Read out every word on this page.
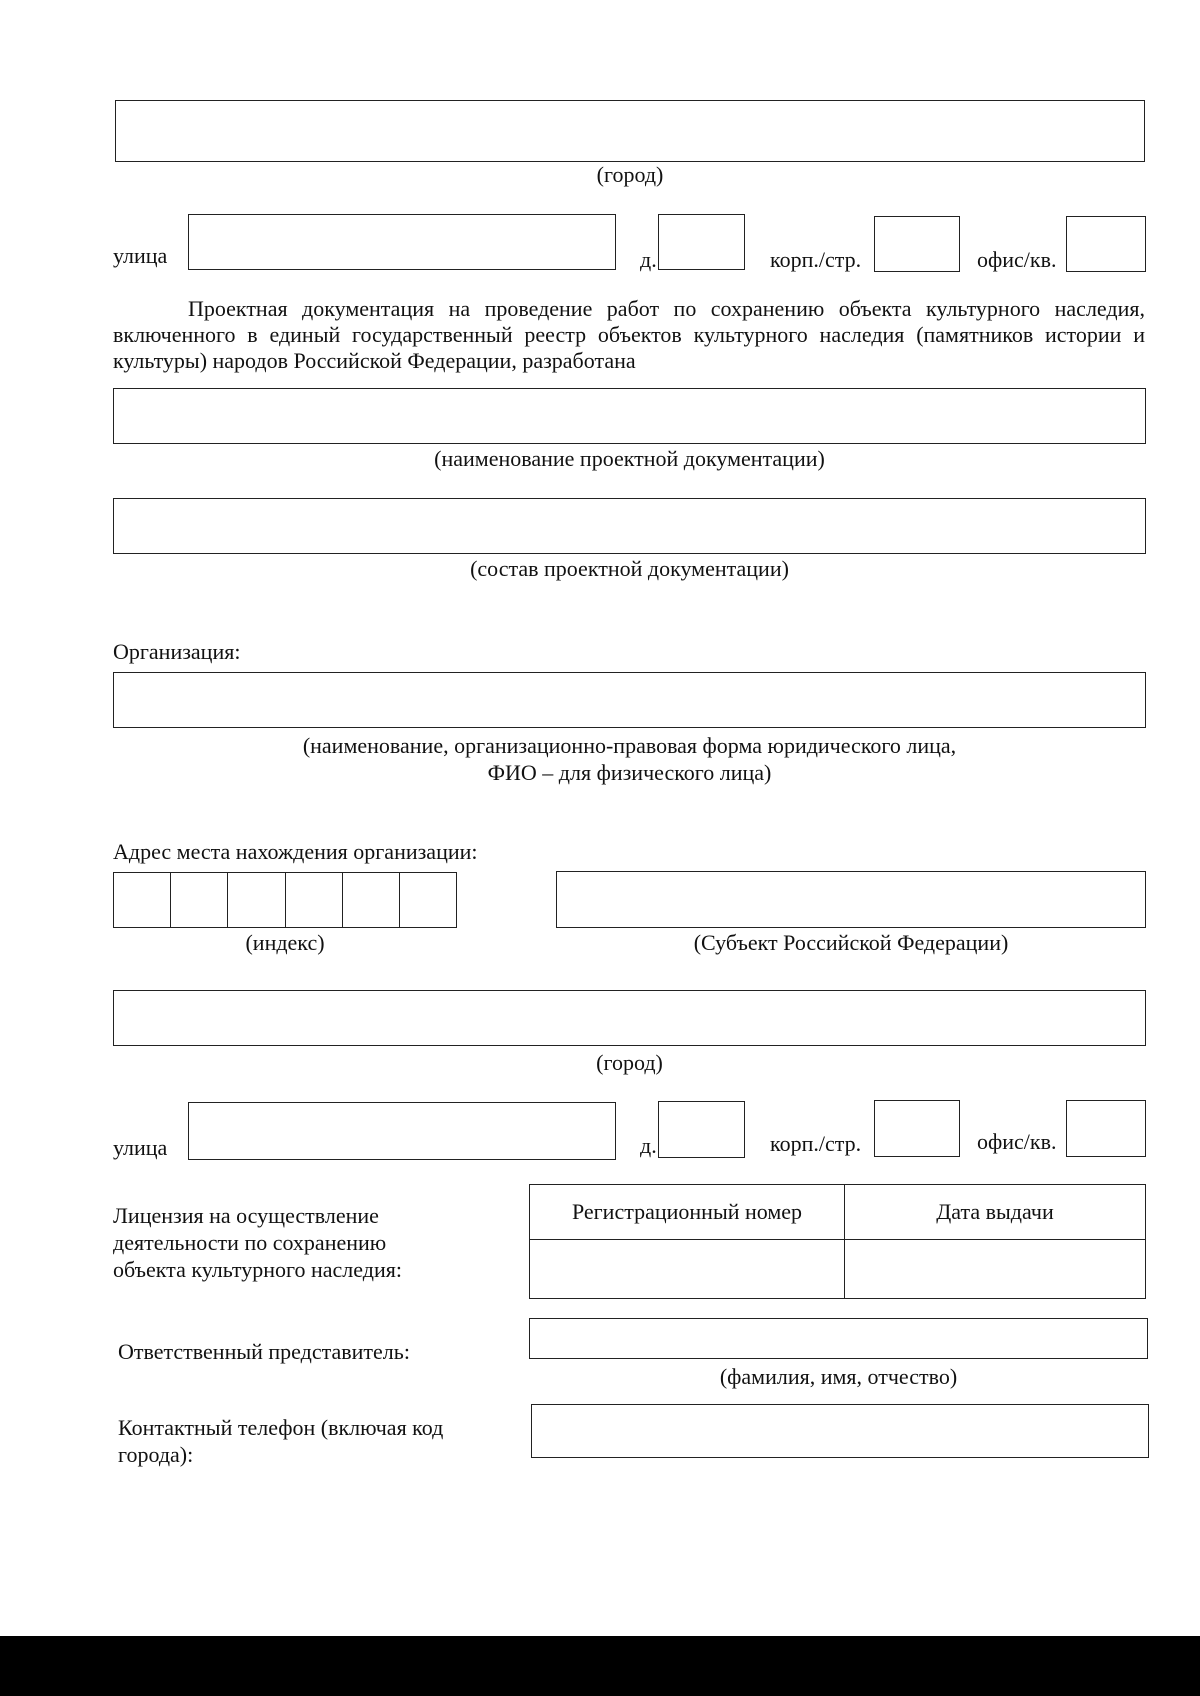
(город)
улица	д.	корп./стр.	офис/кв.
Проектная документация на проведение работ по сохранению объекта культурного наследия, включенного в единый государственный реестр объектов культурного наследия (памятников истории и культуры) народов Российской Федерации, разработана
(наименование проектной документации)
(состав проектной документации)
Организация:
(наименование, организационно-правовая форма юридического лица,
ФИО – для физического лица)
Адрес места нахождения организации:
(индекс)	(Субъект Российской Федерации)
(город)
улица	д.	корп./стр.	офис/кв.
Лицензия на осуществление деятельности по сохранению объекта культурного наследия:
Регистрационный номер	Дата выдачи

Ответственный представитель:
(фамилия, имя, отчество)
Контактный телефон (включая код города):
